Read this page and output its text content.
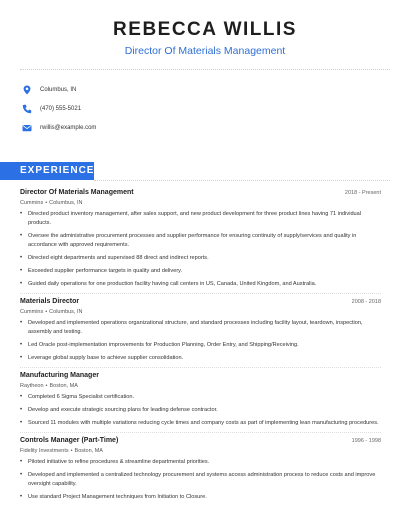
REBECCA WILLIS
Director Of Materials Management
Columbus, IN
(470) 555-5021
rwillis@example.com
EXPERIENCE
Director Of Materials Management	2018 - Present
Cummins • Columbus, IN
• Directed product inventory management, after sales support, and new product development for three product lines having 71 individual products.
• Oversee the administrative procurement processes and supplier performance for ensuring continuity of supply/services and quality in accordance with approved requirements.
• Directed eight departments and supervised 88 direct and indirect reports.
• Exceeded supplier performance targets in quality and delivery.
• Guided daily operations for one production facility having call centers in US, Canada, United Kingdom, and Australia.
Materials Director	2008 - 2018
Cummins • Columbus, IN
• Developed and implemented operations organizational structure, and standard processes including facility layout, teardown, inspection, assembly and testing.
• Led Oracle post-implementation improvements for Production Planning, Order Entry, and Shipping/Receiving.
• Leverage global supply base to achieve supplier consolidation.
Manufacturing Manager
Raytheon • Boston, MA
• Completed 6 Sigma Specialist certification.
• Develop and execute strategic sourcing plans for leading defense contractor.
• Sourced 11 modules with multiple variations reducing cycle times and company costs as part of implementing lean manufacturing procedures.
Controls Manager (Part-Time)	1996 - 1998
Fidelity Investments • Boston, MA
• Piloted initiative to refine procedures & streamline departmental priorities.
• Developed and implemented a centralized technology procurement and systems access administration process to reduce costs and improve oversight capability.
• Use standard Project Management techniques from Initiation to Closure.
